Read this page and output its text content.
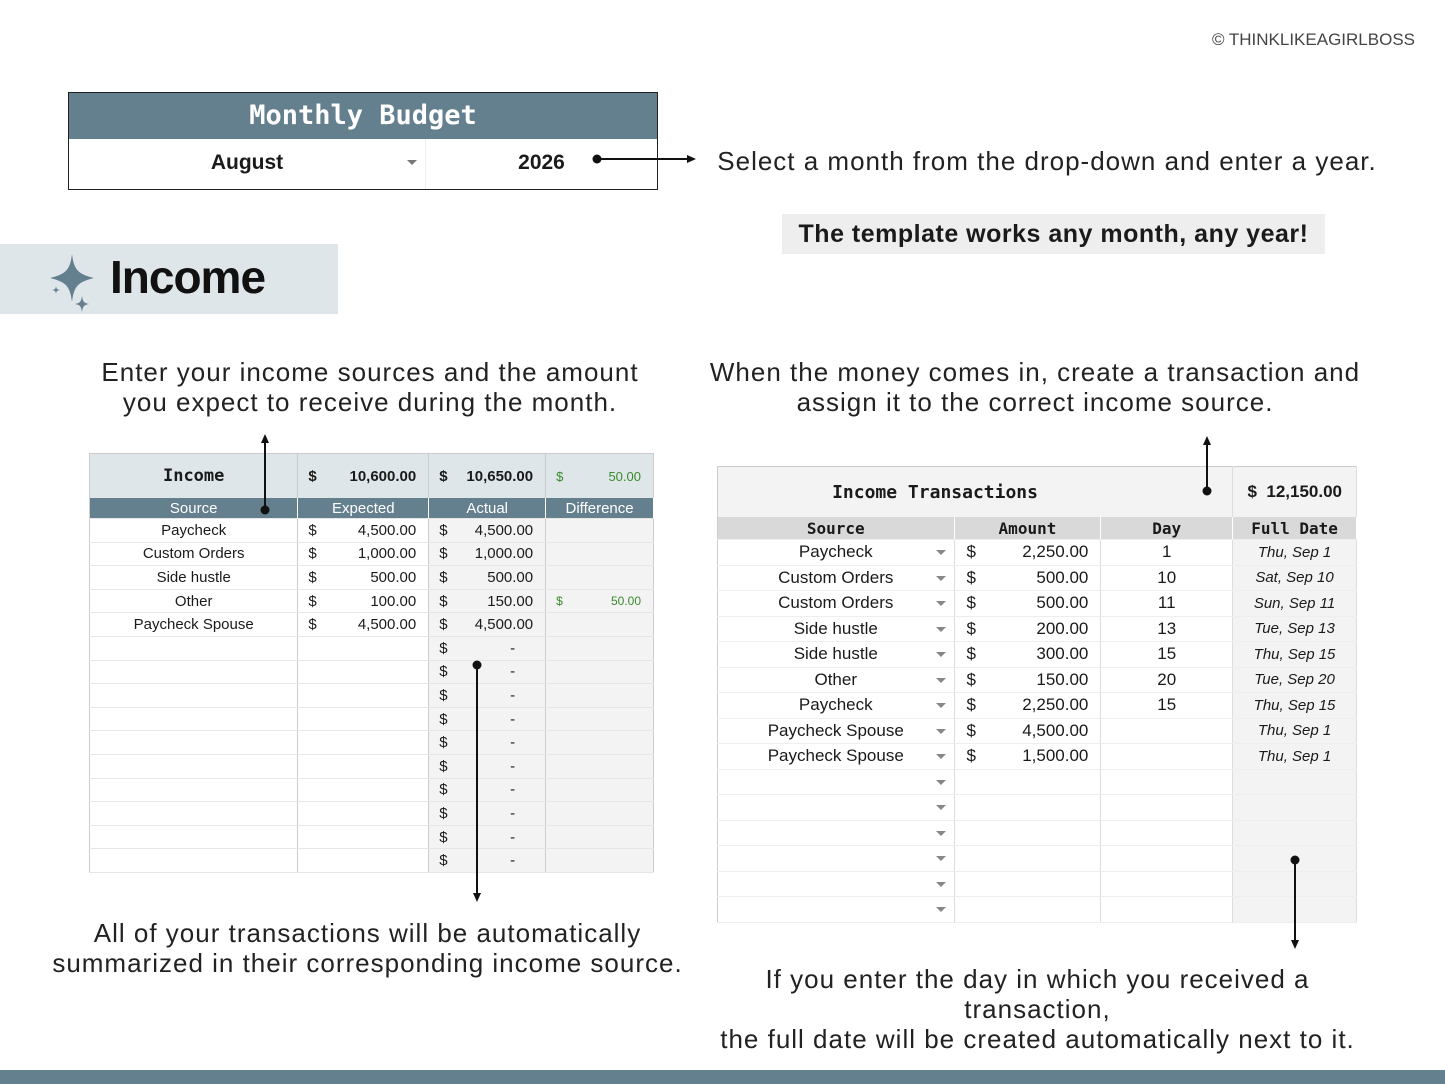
© THINKLIKEAGIRLBOSS
Monthly Budget
August	2026	Select a month from the drop-down and enter a year.
The template works any month, any year!
Income
Enter your income sources and the amount
you expect to receive during the month.
When the money comes in, create a transaction and
assign it to the correct income source.
Income	$ 10,600.00	$ 10,650.00	$ 50.00

Source	Expected	Actual	Difference
Paycheck	$ 4,500.00	$ 4,500.00	

Custom Orders	$ 1,000.00	$ 1,000.00	

Side hustle	$ 500.00	$ 500.00	

Other	$ 100.00	$ 150.00	$ 50.00

Paycheck Spouse	$ 4,500.00	$ 4,500.00	

		$ -	

		$ -	

		$ -	

		$ -	

		$ -	

		$ -	

		$ -	

		$ -	

		$ -	

		$ -	

Income Transactions			$ 12,150.00
Source	Amount	Day	Full Date
Paycheck	$ 2,250.00	1	Thu, Sep 1
Custom Orders	$ 500.00	10	Sat, Sep 10
Custom Orders	$ 500.00	11	Sun, Sep 11
Side hustle	$ 200.00	13	Tue, Sep 13
Side hustle	$ 300.00	15	Thu, Sep 15
Other	$ 150.00	20	Tue, Sep 20
Paycheck	$ 2,250.00	15	Thu, Sep 15
Paycheck Spouse	$ 4,500.00		Thu, Sep 1
Paycheck Spouse	$ 1,500.00		Thu, Sep 1

All of your transactions will be automatically
summarized in their corresponding income source.
If you enter the day in which you received a transaction,
the full date will be created automatically next to it.
